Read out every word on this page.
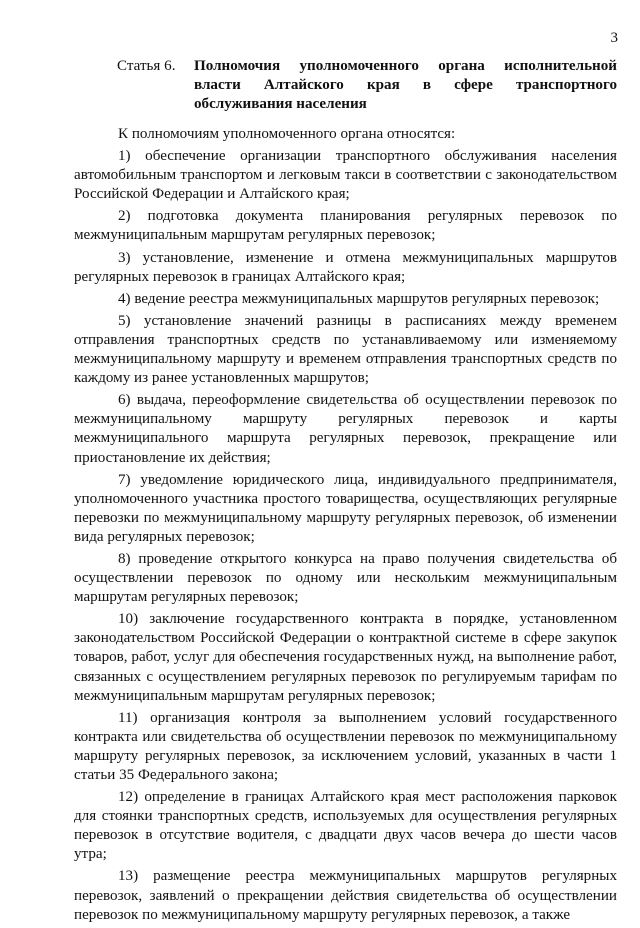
3
Статья 6.	Полномочия уполномоченного органа исполнительной власти Алтайского края в сфере транспортного обслуживания населения

К полномочиям уполномоченного органа относятся:

1) обеспечение организации транспортного обслуживания населения автомобильным транспортом и легковым такси в соответствии с законодательством Российской Федерации и Алтайского края;

2) подготовка документа планирования регулярных перевозок по межмуниципальным маршрутам регулярных перевозок;

3) установление, изменение и отмена межмуниципальных маршрутов регулярных перевозок в границах Алтайского края;

4) ведение реестра межмуниципальных маршрутов регулярных перевозок;

5) установление значений разницы в расписаниях между временем отправления транспортных средств по устанавливаемому или изменяемому межмуниципальному маршруту и временем отправления транспортных средств по каждому из ранее установленных маршрутов;

6) выдача, переоформление свидетельства об осуществлении перевозок по межмуниципальному маршруту регулярных перевозок и карты межмуниципального маршрута регулярных перевозок, прекращение или приостановление их действия;

7) уведомление юридического лица, индивидуального предпринимателя, уполномоченного участника простого товарищества, осуществляющих регулярные перевозки по межмуниципальному маршруту регулярных перевозок, об изменении вида регулярных перевозок;

8) проведение открытого конкурса на право получения свидетельства об осуществлении перевозок по одному или нескольким межмуниципальным маршрутам регулярных перевозок;

10) заключение государственного контракта в порядке, установленном законодательством Российской Федерации о контрактной системе в сфере закупок товаров, работ, услуг для обеспечения государственных нужд, на выполнение работ, связанных с осуществлением регулярных перевозок по регулируемым тарифам по межмуниципальным маршрутам регулярных перевозок;

11) организация контроля за выполнением условий государственного контракта или свидетельства об осуществлении перевозок по межмуниципальному маршруту регулярных перевозок, за исключением условий, указанных в части 1 статьи 35 Федерального закона;

12) определение в границах Алтайского края мест расположения парковок для стоянки транспортных средств, используемых для осуществления регулярных перевозок в отсутствие водителя, с двадцати двух часов вечера до шести часов утра;

13) размещение реестра межмуниципальных маршрутов регулярных перевозок, заявлений о прекращении действия свидетельства об осуществлении перевозок по межмуниципальному маршруту регулярных перевозок, а также
